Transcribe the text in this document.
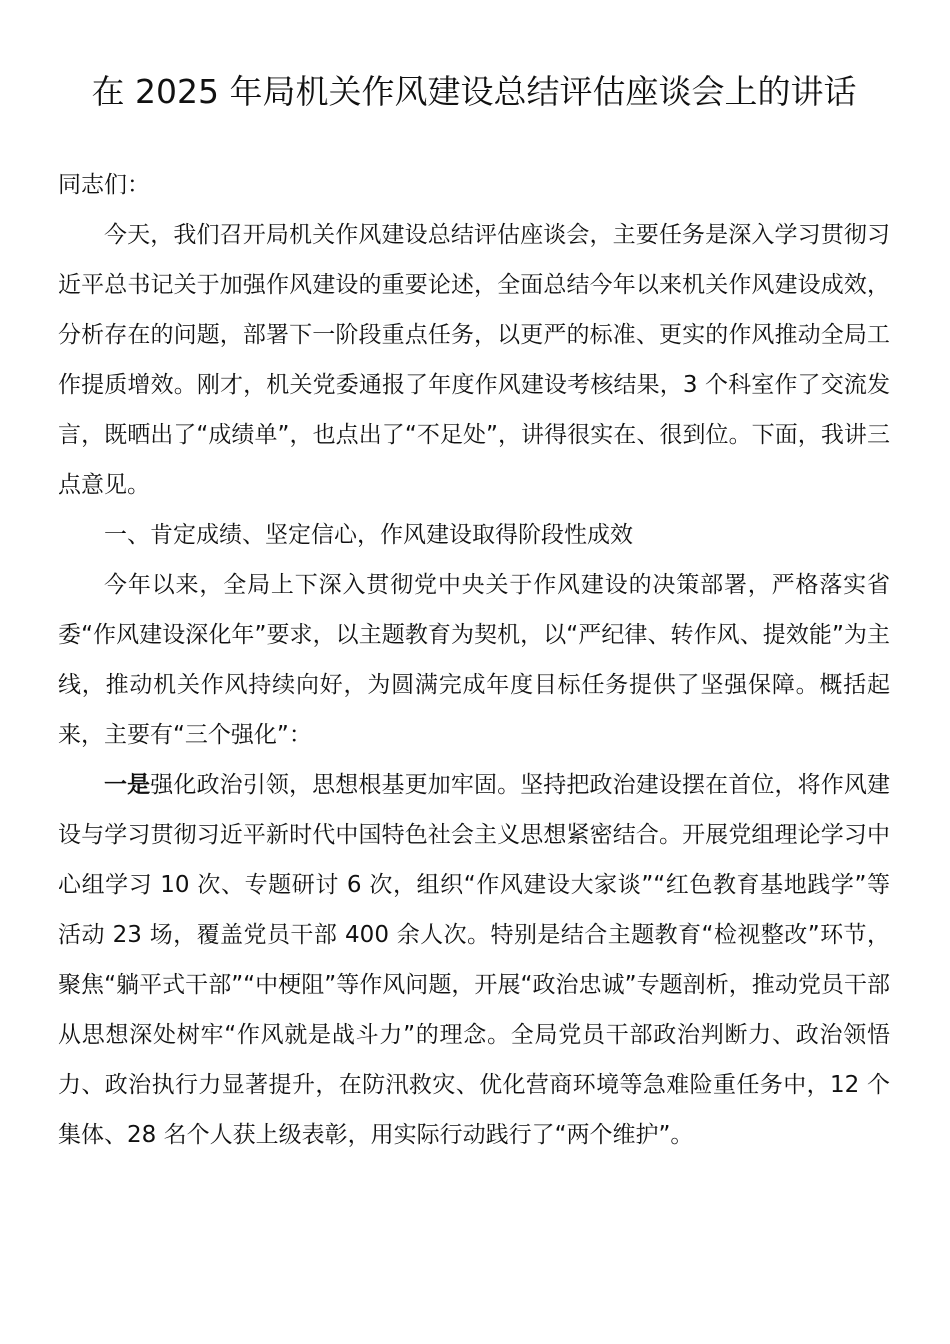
在 2025 年局机关作风建设总结评估座谈会上的讲话
同志们：

今天，我们召开局机关作风建设总结评估座谈会，主要任务是深入学习贯彻习近平总书记关于加强作风建设的重要论述，全面总结今年以来机关作风建设成效，分析存在的问题，部署下一阶段重点任务，以更严的标准、更实的作风推动全局工作提质增效。刚才，机关党委通报了年度作风建设考核结果，3 个科室作了交流发言，既晒出了“成绩单”，也点出了“不足处”，讲得很实在、很到位。下面，我讲三点意见。

一、肯定成绩、坚定信心，作风建设取得阶段性成效

今年以来，全局上下深入贯彻党中央关于作风建设的决策部署，严格落实省委“作风建设深化年”要求，以主题教育为契机，以“严纪律、转作风、提效能”为主线，推动机关作风持续向好，为圆满完成年度目标任务提供了坚强保障。概括起来，主要有“三个强化”：

一是强化政治引领，思想根基更加牢固。坚持把政治建设摆在首位，将作风建设与学习贯彻习近平新时代中国特色社会主义思想紧密结合。开展党组理论学习中心组学习 10 次、专题研讨 6 次，组织“作风建设大家谈”“红色教育基地践学”等活动 23 场，覆盖党员干部 400 余人次。特别是结合主题教育“检视整改”环节，聚焦“躺平式干部”“中梗阻”等作风问题，开展“政治忠诚”专题剖析，推动党员干部从思想深处树牢“作风就是战斗力”的理念。全局党员干部政治判断力、政治领悟力、政治执行力显著提升，在防汛救灾、优化营商环境等急难险重任务中，12 个集体、28 名个人获上级表彰，用实际行动践行了“两个维护”。
